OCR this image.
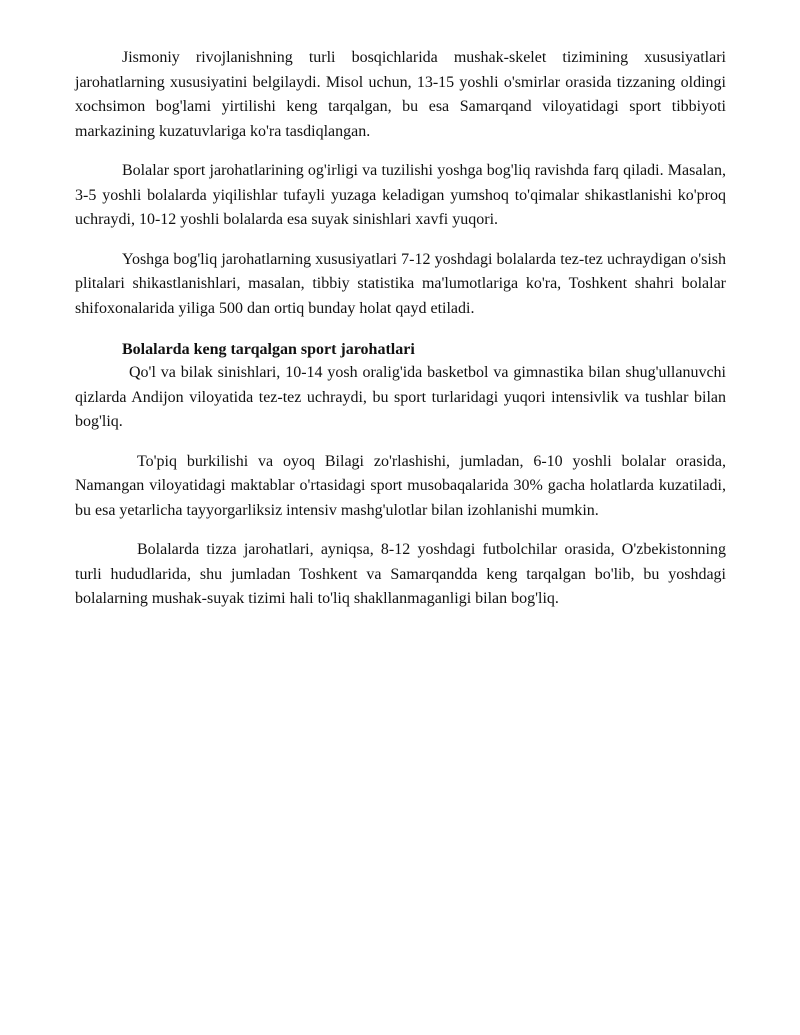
Jismoniy rivojlanishning turli bosqichlarida mushak-skelet tizimining xususiyatlari jarohatlarning xususiyatini belgilaydi. Misol uchun, 13-15 yoshli o'smirlar orasida tizzaning oldingi xochsimon bog'lami yirtilishi keng tarqalgan, bu esa Samarqand viloyatidagi sport tibbiyoti markazining kuzatuvlariga ko'ra tasdiqlangan.

Bolalar sport jarohatlarining og'irligi va tuzilishi yoshga bog'liq ravishda farq qiladi. Masalan, 3-5 yoshli bolalarda yiqilishlar tufayli yuzaga keladigan yumshoq to'qimalar shikastlanishi ko'proq uchraydi, 10-12 yoshli bolalarda esa suyak sinishlari xavfi yuqori.

Yoshga bog'liq jarohatlarning xususiyatlari 7-12 yoshdagi bolalarda tez-tez uchraydigan o'sish plitalari shikastlanishlari, masalan, tibbiy statistika ma'lumotlariga ko'ra, Toshkent shahri bolalar shifoxonalarida yiliga 500 dan ortiq bunday holat qayd etiladi.

Bolalarda keng tarqalgan sport jarohatlari

Qo'l va bilak sinishlari, 10-14 yosh oralig'ida basketbol va gimnastika bilan shug'ullanuvchi qizlarda Andijon viloyatida tez-tez uchraydi, bu sport turlaridagi yuqori intensivlik va tushlar bilan bog'liq.

To'piq burkilishi va oyoq Bilagi zo'rlashishi, jumladan, 6-10 yoshli bolalar orasida, Namangan viloyatidagi maktablar o'rtasidagi sport musobaqalarida 30% gacha holatlarda kuzatiladi, bu esa yetarlicha tayyorgarliksiz intensiv mashg'ulotlar bilan izohlanishi mumkin.

Bolalarda tizza jarohatlari, ayniqsa, 8-12 yoshdagi futbolchilar orasida, O'zbekistonning turli hududlarida, shu jumladan Toshkent va Samarqandda keng tarqalgan bo'lib, bu yoshdagi bolalarning mushak-suyak tizimi hali to'liq shakllanmaganligi bilan bog'liq.
